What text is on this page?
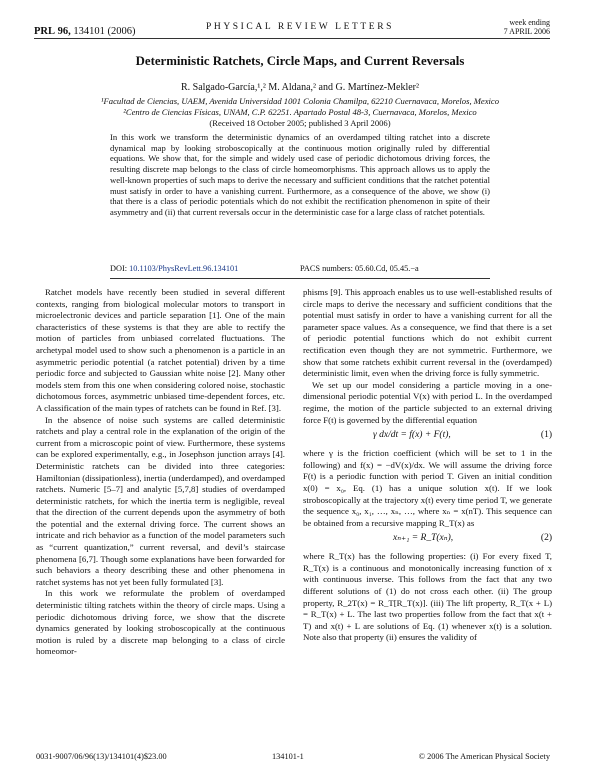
PRL 96, 134101 (2006)	PHYSICAL REVIEW LETTERS	week ending
7 APRIL 2006
Deterministic Ratchets, Circle Maps, and Current Reversals
R. Salgado-García,¹,² M. Aldana,² and G. Martínez-Mekler²
¹Facultad de Ciencias, UAEM, Avenida Universidad 1001 Colonia Chamilpa, 62210 Cuernavaca, Morelos, Mexico
²Centro de Ciencias Físicas, UNAM, C.P. 62251. Apartado Postal 48-3, Cuernavaca, Morelos, Mexico
(Received 18 October 2005; published 3 April 2006)
In this work we transform the deterministic dynamics of an overdamped tilting ratchet into a discrete dynamical map by looking stroboscopically at the continuous motion originally ruled by differential equations. We show that, for the simple and widely used case of periodic dichotomous driving forces, the resulting discrete map belongs to the class of circle homeomorphisms. This approach allows us to apply the well-known properties of such maps to derive the necessary and sufficient conditions that the ratchet potential must satisfy in order to have a vanishing current. Furthermore, as a consequence of the above, we show (i) that there is a class of periodic potentials which do not exhibit the rectification phenomenon in spite of their asymmetry and (ii) that current reversals occur in the deterministic case for a large class of ratchet potentials.
DOI: 10.1103/PhysRevLett.96.134101	PACS numbers: 05.60.Cd, 05.45.−a

Ratchet models have recently been studied in several different contexts, ranging from biological molecular motors to transport in microelectronic devices and particle separation [1]. One of the main characteristics of these systems is that they are able to rectify the motion of particles from unbiased correlated fluctuations. The archetypal model used to show such a phenomenon is a particle in an asymmetric periodic potential (a ratchet potential) driven by a time periodic force and subjected to Gaussian white noise [2]. Many other models stem from this one when considering colored noise, stochastic dichotomous forces, asymmetric unbiased time-dependent forces, etc. A classification of the main types of ratchets can be found in Ref. [3].

In the absence of noise such systems are called deterministic ratchets and play a central role in the explanation of the origin of the current from a microscopic point of view. Furthermore, these systems can be explored experimentally, e.g., in Josephson junction arrays [4]. Deterministic ratchets can be divided into three categories: Hamiltonian (dissipationless), inertia (underdamped), and overdamped ratchets. Numeric [5–7] and analytic [5,7,8] studies of overdamped deterministic ratchets, for which the inertia term is negligible, reveal that the direction of the current depends upon the asymmetry of both the potential and the external driving force. The current shows an intricate and rich behavior as a function of the model parameters such as “current quantization,” current reversal, and devil’s staircase phenomena [6,7]. Though some explanations have been forwarded for such behaviors a theory describing these and other phenomena in ratchet systems has not yet been fully formulated [3].

In this work we reformulate the problem of overdamped deterministic tilting ratchets within the theory of circle maps. Using a periodic dichotomous driving force, we show that the discrete dynamics generated by looking stroboscopically at the continuous motion is ruled by a discrete map belonging to a class of circle homeomor-

phisms [9]. This approach enables us to use well-established results of circle maps to derive the necessary and sufficient conditions that the potential must satisfy in order to have a vanishing current for all the parameter space values. As a consequence, we find that there is a set of periodic potential functions which do not exhibit current rectification even though they are not symmetric. Furthermore, we show that some ratchets exhibit current reversal in the (overdamped) deterministic limit, even when the driving force is fully symmetric.

We set up our model considering a particle moving in a one-dimensional periodic potential V(x) with period L. In the overdamped regime, the motion of the particle subjected to an external driving force F(t) is governed by the differential equation

γ dx/dt = f(x) + F(t),	(1)

where γ is the friction coefficient (which will be set to 1 in the following) and f(x) = −dV(x)/dx. We will assume the driving force F(t) is a periodic function with period T. Given an initial condition x(0) = x₀, Eq. (1) has a unique solution x(t). If we look stroboscopically at the trajectory x(t) every time period T, we generate the sequence x₀, x₁, …, xₙ, …, where xₙ = x(nT). This sequence can be obtained from a recursive mapping R_T(x) as

xₙ₊₁ = R_T(xₙ),	(2)

where R_T(x) has the following properties: (i) For every fixed T, R_T(x) is a continuous and monotonically increasing function of x with continuous inverse. This follows from the fact that any two different solutions of (1) do not cross each other. (ii) The group property, R_2T(x) = R_T[R_T(x)]. (iii) The lift property, R_T(x + L) = R_T(x) + L. The last two properties follow from the fact that x(t + T) and x(t) + L are solutions of Eq. (1) whenever x(t) is a solution. Note also that property (ii) ensures the validity of

0031-9007/06/96(13)/134101(4)$23.00	134101-1	© 2006 The American Physical Society
